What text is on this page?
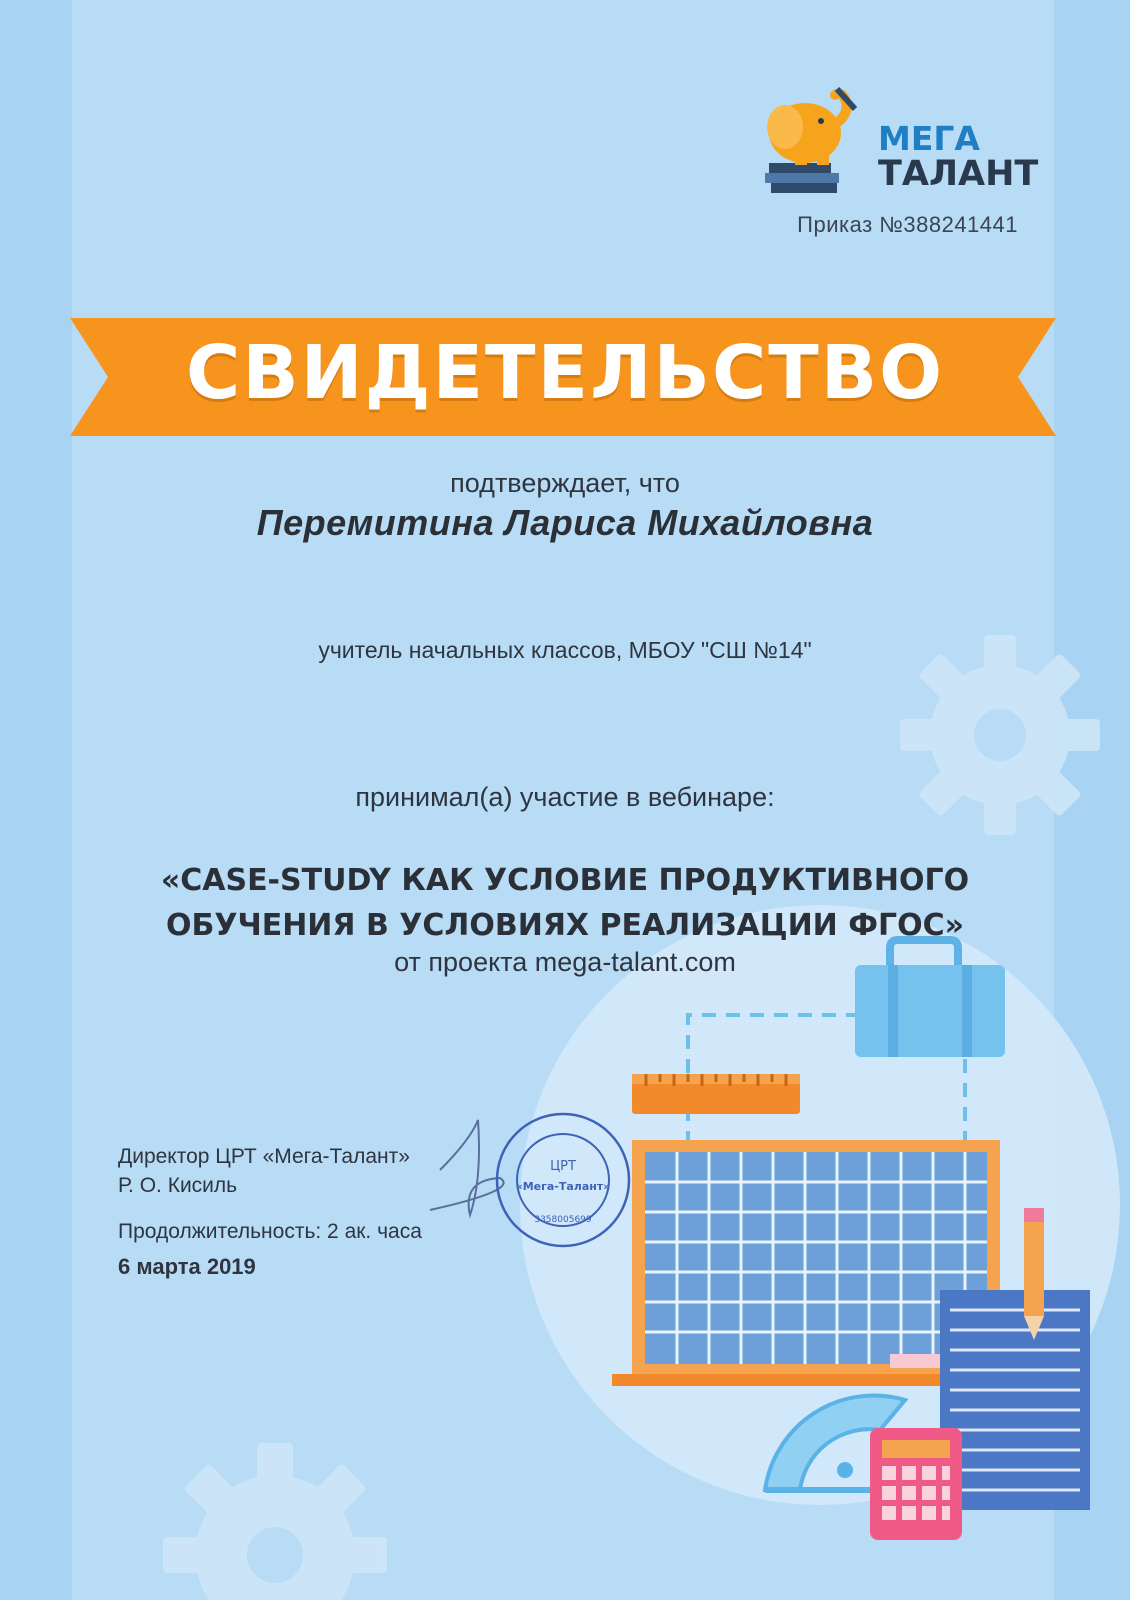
МЕГА
ТАЛАНТ
Приказ №388241441
СВИДЕТЕЛЬСТВО
подтверждает, что
Перемитина Лариса Михайловна
учитель начальных классов, МБОУ "СШ №14"
принимал(а) участие в вебинаре:
«CASE-STUDY КАК УСЛОВИЕ ПРОДУКТИВНОГО
ОБУЧЕНИЯ В УСЛОВИЯХ РЕАЛИЗАЦИИ ФГОС»
от проекта mega-talant.com
ЦРТ
«Мега-Талант»
3358005699
Директор ЦРТ «Мега-Талант»
Р. О. Кисиль
Продолжительность: 2 ак. часа
6 марта 2019
